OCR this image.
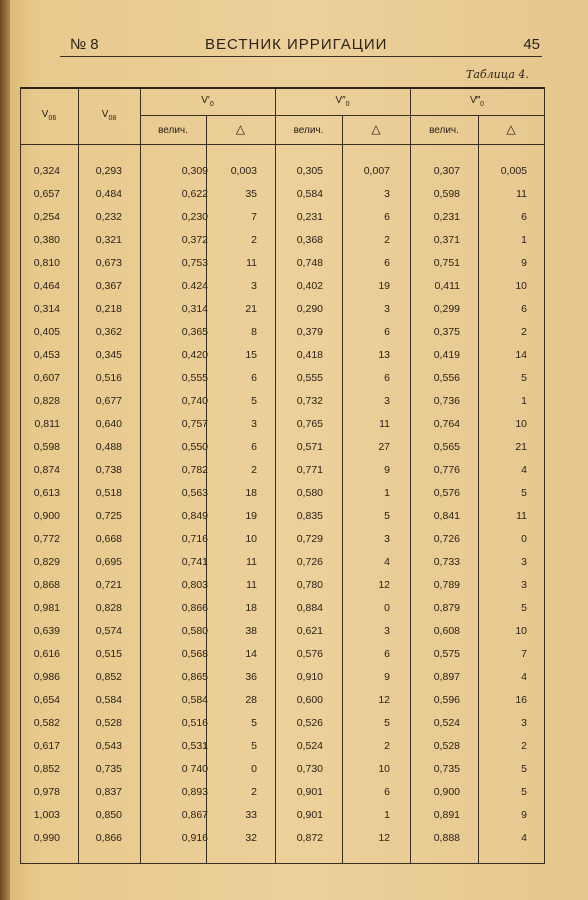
№ 8	ВЕСТНИК ИРРИГАЦИИ	45
Таблица 4.
$V_{06}$	$V_{08}$
$V'_0$	$V''_0$	$V‴_0$
велич.	△	велич.	△	велич.	△
0,324	0,293	0,309	0,003	0,305	0,007	0,307	0,005
0,657	0,484	0,622	35	0,584	3	0,598	11
0,254	0,232	0,230	7	0,231	6	0,231	6
0,380	0,321	0,372	2	0,368	2	0,371	1
0,810	0,673	0,753	11	0,748	6	0,751	9
0,464	0,367	0.424	3	0,402	19	0,411	10
0,314	0,218	0,314	21	0,290	3	0,299	6
0,405	0,362	0,365	8	0,379	6	0,375	2
0,453	0,345	0,420	15	0,418	13	0,419	14
0,607	0,516	0,555	6	0,555	6	0,556	5
0,828	0,677	0,740	5	0,732	3	0,736	1
0,811	0,640	0,757	3	0,765	11	0,764	10
0,598	0,488	0,550	6	0,571	27	0,565	21
0,874	0,738	0,782	2	0,771	9	0,776	4
0,613	0,518	0,563	18	0,580	1	0,576	5
0,900	0,725	0,849	19	0,835	5	0,841	11
0,772	0,668	0,716	10	0,729	3	0,726	0
0,829	0,695	0,741	11	0,726	4	0,733	3
0,868	0,721	0,803	11	0,780	12	0,789	3
0,981	0,828	0,866	18	0,884	0	0,879	5
0,639	0,574	0,580	38	0,621	3	0,608	10
0,616	0,515	0,568	14	0,576	6	0,575	7
0,986	0,852	0,865	36	0,910	9	0,897	4
0,654	0,584	0,584	28	0,600	12	0,596	16
0,582	0,528	0,516	5	0,526	5	0,524	3
0,617	0,543	0,531	5	0,524	2	0,528	2
0,852	0,735	0 740	0	0,730	10	0,735	5
0,978	0,837	0,893	2	0,901	6	0,900	5
1,003	0,850	0,867	33	0,901	1	0,891	9
0,990	0,866	0,916	32	0,872	12	0,888	4
